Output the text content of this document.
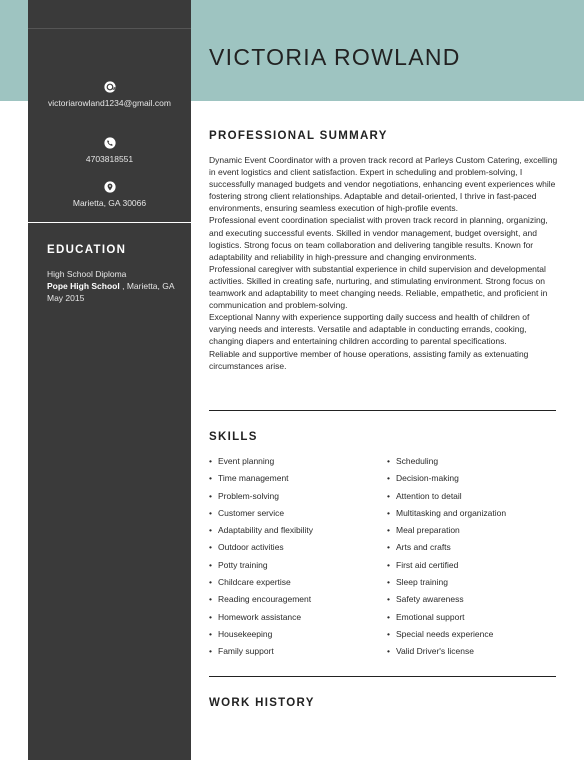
victoriarowland1234@gmail.com
4703818551
Marietta, GA 30066
EDUCATION
High School Diploma
Pope High School , Marietta, GA
May 2015
VICTORIA ROWLAND
PROFESSIONAL SUMMARY

Dynamic Event Coordinator with a proven track record at Parleys Custom Catering, excelling in event logistics and client satisfaction. Expert in scheduling and problem-solving, I successfully managed budgets and vendor negotiations, enhancing event experiences while fostering strong client relationships. Adaptable and detail-oriented, I thrive in fast-paced environments, ensuring seamless execution of high-profile events.

Professional event coordination specialist with proven track record in planning, organizing, and executing successful events. Skilled in vendor management, budget oversight, and logistics. Strong focus on team collaboration and delivering tangible results. Known for adaptability and reliability in high-pressure and changing environments.

Professional caregiver with substantial experience in child supervision and developmental activities. Skilled in creating safe, nurturing, and stimulating environment. Strong focus on teamwork and adaptability to meet changing needs. Reliable, empathetic, and proficient in communication and problem-solving.

Exceptional Nanny with experience supporting daily success and health of children of varying needs and interests. Versatile and adaptable in conducting errands, cooking, changing diapers and entertaining children according to parental specifications.

Reliable and supportive member of house operations, assisting family as extenuating circumstances arise.

SKILLS
• Event planning
• Time management
• Problem-solving
• Customer service
• Adaptability and flexibility
• Outdoor activities
• Potty training
• Childcare expertise
• Reading encouragement
• Homework assistance
• Housekeeping
• Family support
• Scheduling
• Decision-making
• Attention to detail
• Multitasking and organization
• Meal preparation
• Arts and crafts
• First aid certified
• Sleep training
• Safety awareness
• Emotional support
• Special needs experience
• Valid Driver's license
WORK HISTORY
